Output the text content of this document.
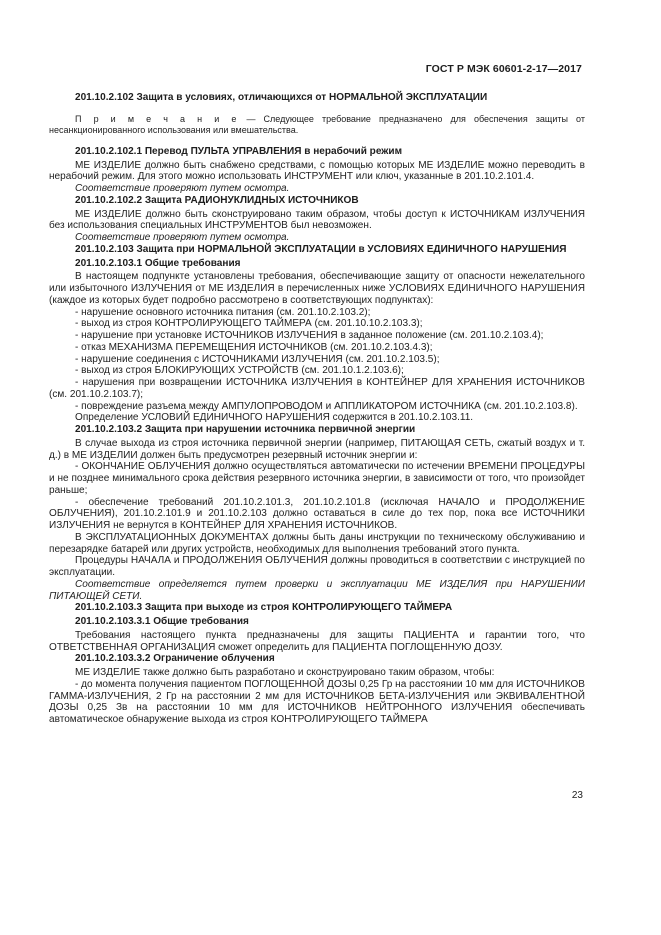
ГОСТ Р МЭК 60601-2-17—2017

201.10.2.102 Защита в условиях, отличающихся от НОРМАЛЬНОЙ ЭКСПЛУАТАЦИИ

П р и м е ч а н и е — Следующее требование предназначено для обеспечения защиты от несанкционированного использования или вмешательства.

201.10.2.102.1 Перевод ПУЛЬТА УПРАВЛЕНИЯ в нерабочий режим

МЕ ИЗДЕЛИЕ должно быть снабжено средствами, с помощью которых МЕ ИЗДЕЛИЕ можно переводить в нерабочий режим. Для этого можно использовать ИНСТРУМЕНТ или ключ, указанные в 201.10.2.101.4.

Соответствие проверяют путем осмотра.

201.10.2.102.2 Защита РАДИОНУКЛИДНЫХ ИСТОЧНИКОВ

МЕ ИЗДЕЛИЕ должно быть сконструировано таким образом, чтобы доступ к ИСТОЧНИКАМ ИЗЛУЧЕНИЯ без использования специальных ИНСТРУМЕНТОВ был невозможен.

Соответствие проверяют путем осмотра.

201.10.2.103 Защита при НОРМАЛЬНОЙ ЭКСПЛУАТАЦИИ в УСЛОВИЯХ ЕДИНИЧНОГО НАРУШЕНИЯ

201.10.2.103.1 Общие требования

В настоящем подпункте установлены требования, обеспечивающие защиту от опасности нежелательного или избыточного ИЗЛУЧЕНИЯ от МЕ ИЗДЕЛИЯ в перечисленных ниже УСЛОВИЯХ ЕДИНИЧНОГО НАРУШЕНИЯ (каждое из которых будет подробно рассмотрено в соответствующих подпунктах):

- нарушение основного источника питания (см. 201.10.2.103.2);

- выход из строя КОНТРОЛИРУЮЩЕГО ТАЙМЕРА (см. 201.10.10.2.103.3);

- нарушение при установке ИСТОЧНИКОВ ИЗЛУЧЕНИЯ в заданное положение (см. 201.10.2.103.4);

- отказ МЕХАНИЗМА ПЕРЕМЕЩЕНИЯ ИСТОЧНИКОВ (см. 201.10.2.103.4.3);

- нарушение соединения с ИСТОЧНИКАМИ ИЗЛУЧЕНИЯ (см. 201.10.2.103.5);

- выход из строя БЛОКИРУЮЩИХ УСТРОЙСТВ (см. 201.10.1.2.103.6);

- нарушения при возвращении ИСТОЧНИКА ИЗЛУЧЕНИЯ в КОНТЕЙНЕР ДЛЯ ХРАНЕНИЯ ИСТОЧНИКОВ (см. 201.10.2.103.7);

- повреждение разъема между АМПУЛОПРОВОДОМ и АППЛИКАТОРОМ ИСТОЧНИКА (см. 201.10.2.103.8).

Определение УСЛОВИЙ ЕДИНИЧНОГО НАРУШЕНИЯ содержится в 201.10.2.103.11.

201.10.2.103.2 Защита при нарушении источника первичной энергии

В случае выхода из строя источника первичной энергии (например, ПИТАЮЩАЯ СЕТЬ, сжатый воздух и т. д.) в МЕ ИЗДЕЛИИ должен быть предусмотрен резервный источник энергии и:

- ОКОНЧАНИЕ ОБЛУЧЕНИЯ должно осуществляться автоматически по истечении ВРЕМЕНИ ПРОЦЕДУРЫ и не позднее минимального срока действия резервного источника энергии, в зависимости от того, что произойдет раньше;

- обеспечение требований 201.10.2.101.3, 201.10.2.101.8 (исключая НАЧАЛО и ПРОДОЛЖЕНИЕ ОБЛУЧЕНИЯ), 201.10.2.101.9 и 201.10.2.103 должно оставаться в силе до тех пор, пока все ИСТОЧНИКИ ИЗЛУЧЕНИЯ не вернутся в КОНТЕЙНЕР ДЛЯ ХРАНЕНИЯ ИСТОЧНИКОВ.

В ЭКСПЛУАТАЦИОННЫХ ДОКУМЕНТАХ должны быть даны инструкции по техническому обслуживанию и перезарядке батарей или других устройств, необходимых для выполнения требований этого пункта.

Процедуры НАЧАЛА и ПРОДОЛЖЕНИЯ ОБЛУЧЕНИЯ должны проводиться в соответствии с инструкцией по эксплуатации.

Соответствие определяется путем проверки и эксплуатации МЕ ИЗДЕЛИЯ при НАРУШЕНИИ ПИТАЮЩЕЙ СЕТИ.

201.10.2.103.3 Защита при выходе из строя КОНТРОЛИРУЮЩЕГО ТАЙМЕРА

201.10.2.103.3.1 Общие требования

Требования настоящего пункта предназначены для защиты ПАЦИЕНТА и гарантии того, что ОТВЕТСТВЕННАЯ ОРГАНИЗАЦИЯ сможет определить для ПАЦИЕНТА ПОГЛОЩЕННУЮ ДОЗУ.

201.10.2.103.3.2 Ограничение облучения

МЕ ИЗДЕЛИЕ также должно быть разработано и сконструировано таким образом, чтобы:

- до момента получения пациентом ПОГЛОЩЕННОЙ ДОЗЫ 0,25 Гр на расстоянии 10 мм для ИСТОЧНИКОВ ГАММА-ИЗЛУЧЕНИЯ, 2 Гр на расстоянии 2 мм для ИСТОЧНИКОВ БЕТА-ИЗЛУЧЕНИЯ или ЭКВИВАЛЕНТНОЙ ДОЗЫ 0,25 Зв на расстоянии 10 мм для ИСТОЧНИКОВ НЕЙТРОННОГО ИЗЛУЧЕНИЯ обеспечивать автоматическое обнаружение выхода из строя КОНТРОЛИРУЮЩЕГО ТАЙМЕРА

23
